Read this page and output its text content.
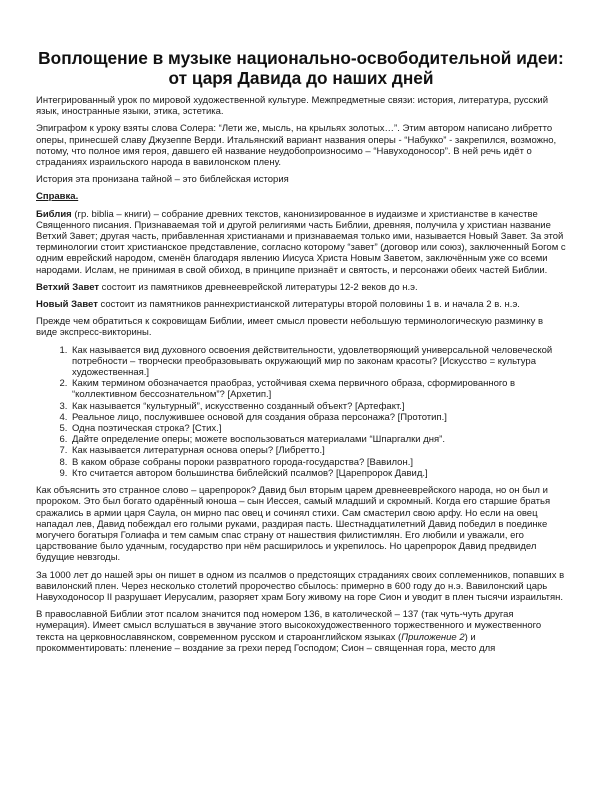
Воплощение в музыке национально-освободительной идеи: от царя Давида до наших дней

Интегрированный урок по мировой художественной культуре. Межпредметные связи: история, литература, русский язык, иностранные языки, этика, эстетика.

Эпиграфом к уроку взяты слова Солера: “Лети же, мысль, на крыльях золотых…”. Этим автором написано либретто оперы, принесшей славу Джузеппе Верди. Итальянский вариант названия оперы - “Набукко” - закрепился, возможно, потому, что полное имя героя, давшего ей название неудобопроизносимо – “Навуходоносор”. В ней речь идёт о страданиях израильского народа в вавилонском плену.

История эта пронизана тайной – это библейская история

Справка.

Библия (гр. biblia – книги) – собрание древних текстов, канонизированное в иудаизме и христианстве в качестве Священного писания. Признаваемая той и другой религиями часть Библии, древняя, получила у христиан название Ветхий Завет; другая часть, прибавленная христианами и признаваемая только ими, называется Новый Завет. За этой терминологии стоит христианское представление, согласно которому “завет” (договор или союз), заключенный Богом с одним еврейский народом, сменён благодаря явлению Иисуса Христа Новым Заветом, заключённым уже со всеми народами. Ислам, не принимая в свой обиход, в принципе признаёт и святость, и персонажи обеих частей Библии.

Ветхий Завет состоит из памятников древнееврейской литературы 12-2 веков до н.э.

Новый Завет состоит из памятников раннехристианской литературы второй половины 1 в. и начала 2 в. н.э.

Прежде чем обратиться к сокровищам Библии, имеет смысл провести небольшую терминологическую разминку в виде экспресс-викторины.

1. Как называется вид духовного освоения действительности, удовлетворяющий универсальной человеческой потребности – творчески преобразовывать окружающий мир по законам красоты? [Искусство = культура художественная.]
2. Каким термином обозначается праобраз, устойчивая схема первичного образа, сформированного в “коллективном бессознательном”? [Архетип.]
3. Как называется “культурный”, искусственно созданный объект? [Артефакт.]
4. Реальное лицо, послужившее основой для создания образа персонажа? [Прототип.]
5. Одна поэтическая строка? [Стих.]
6. Дайте определение оперы; можете воспользоваться материалами “Шпаргалки дня”.
7. Как называется литературная основа оперы? [Либретто.]
8. В каком образе собраны пороки развратного города-государства? [Вавилон.]
9. Кто считается автором большинства библейский псалмов? [Царепророк Давид.]

Как объяснить это странное слово – царепророк? Давид был вторым царем древнееврейского народа, но он был и пророком. Это был богато одарённый юноша – сын Иессея, самый младший и скромный. Когда его старшие братья сражались в армии царя Саула, он мирно пас овец и сочинял стихи. Сам смастерил свою арфу. Но если на овец нападал лев, Давид побеждал его голыми руками, раздирая пасть. Шестнадцатилетний Давид победил в поединке могучего богатыря Голиафа и тем самым спас страну от нашествия филистимлян. Его любили и уважали, его царствование было удачным, государство при нём расширилось и укрепилось. Но царепророк Давид предвидел будущие невзгоды.

За 1000 лет до нашей эры он пишет в одном из псалмов о предстоящих страданиях своих соплеменников, попавших в вавилонский плен. Через несколько столетий пророчество сбылось: примерно в 600 году до н.э. Вавилонский царь Навуходоносор II разрушает Иерусалим, разоряет храм Богу живому на горе Сион и уводит в плен тысячи израильтян.

В православной Библии этот псалом значится под номером 136, в католической – 137 (так чуть-чуть другая нумерация). Имеет смысл вслушаться в звучание этого высокохудожественного торжественного и мужественного текста на церковнославянском, современном русском и староанглийском языках (Приложение 2) и прокомментировать: пленение – воздание за грехи перед Господом; Сион – священная гора, место для
